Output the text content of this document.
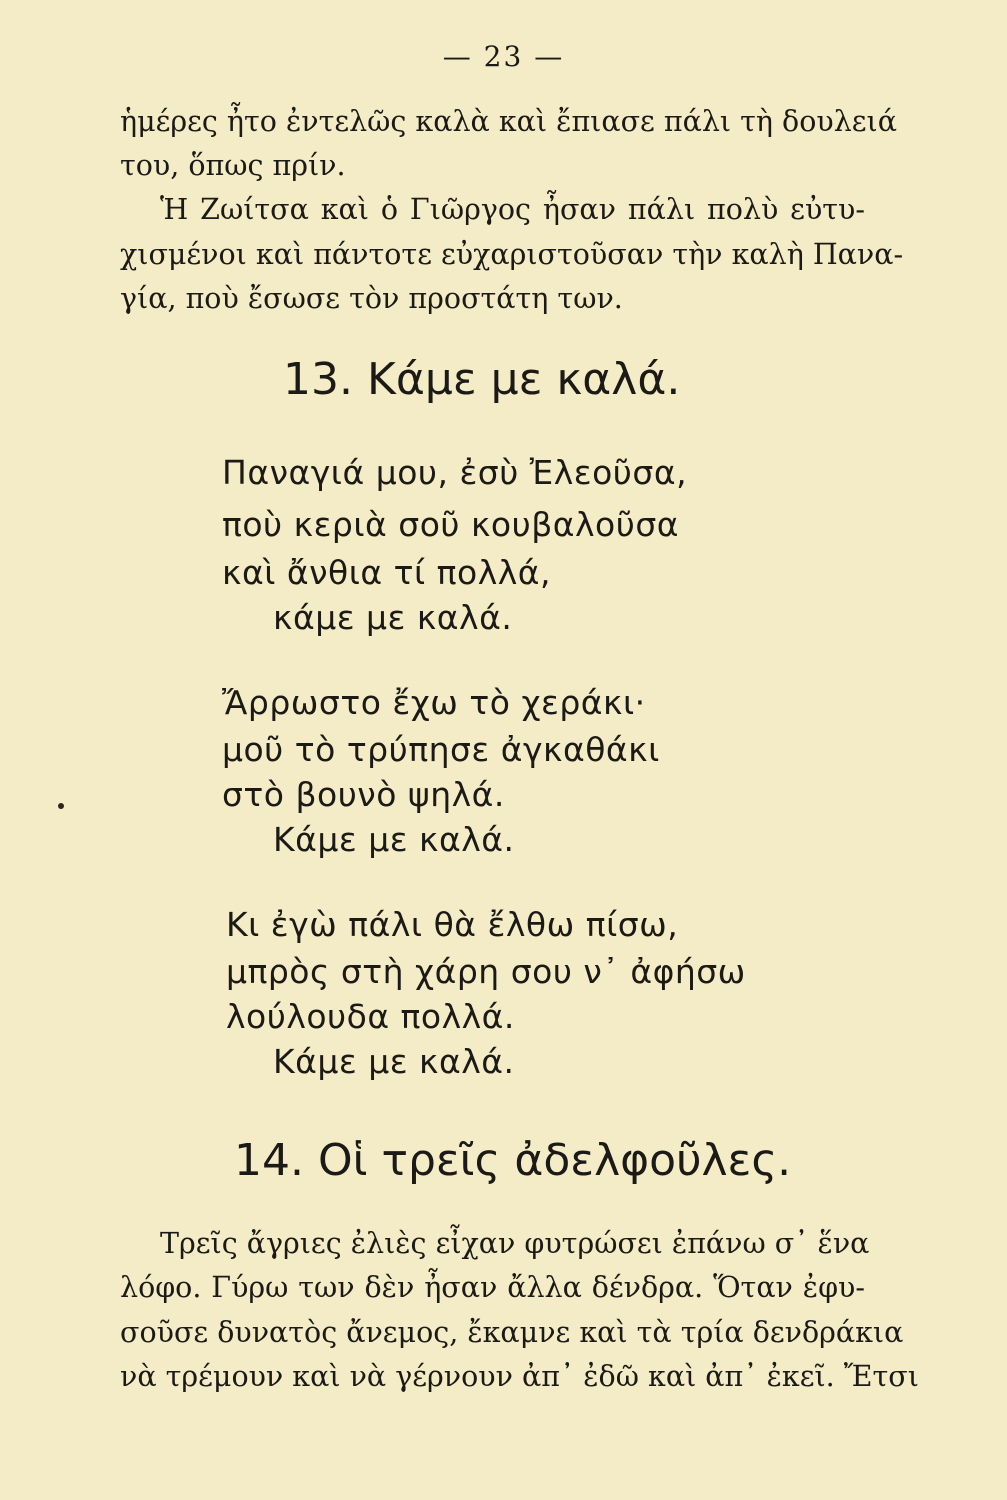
— 23 —
ἡμέρες ἦτο ἐντελῶς καλὰ καὶ ἔπιασε πάλι τὴ δουλειά
του, ὅπως πρίν.
Ἡ Ζωίτσα καὶ ὁ Γιῶργος ἦσαν πάλι πολὺ εὐτυ-
χισμένοι καὶ πάντοτε εὐχαριστοῦσαν τὴν καλὴ Πανα-
γία, ποὺ ἔσωσε τὸν προστάτη των.
13. Κάμε με καλά.
Παναγιά μου, ἐσὺ Ἐλεοῦσα,
ποὺ κεριὰ σοῦ κουβαλοῦσα
καὶ ἄνθια τί πολλά,
κάμε με καλά.
Ἄρρωστο ἔχω τὸ χεράκι·
μοῦ τὸ τρύπησε ἀγκαθάκι
στὸ βουνὸ ψηλά.
Κάμε με καλά.
Κι ἐγὼ πάλι θὰ ἔλθω πίσω,
μπρὸς στὴ χάρη σου ν᾿ ἀφήσω
λούλουδα πολλά.
Κάμε με καλά.
14. Οἱ τρεῖς ἀδελφοῦλες.
Τρεῖς ἄγριες ἐλιὲς εἶχαν φυτρώσει ἐπάνω σ᾿ ἕνα
λόφο. Γύρω των δὲν ἦσαν ἄλλα δένδρα. Ὅταν ἐφυ-
σοῦσε δυνατὸς ἄνεμος, ἔκαμνε καὶ τὰ τρία δενδράκια
νὰ τρέμουν καὶ νὰ γέρνουν ἀπ᾿ ἐδῶ καὶ ἀπ᾿ ἐκεῖ. Ἔτσι
